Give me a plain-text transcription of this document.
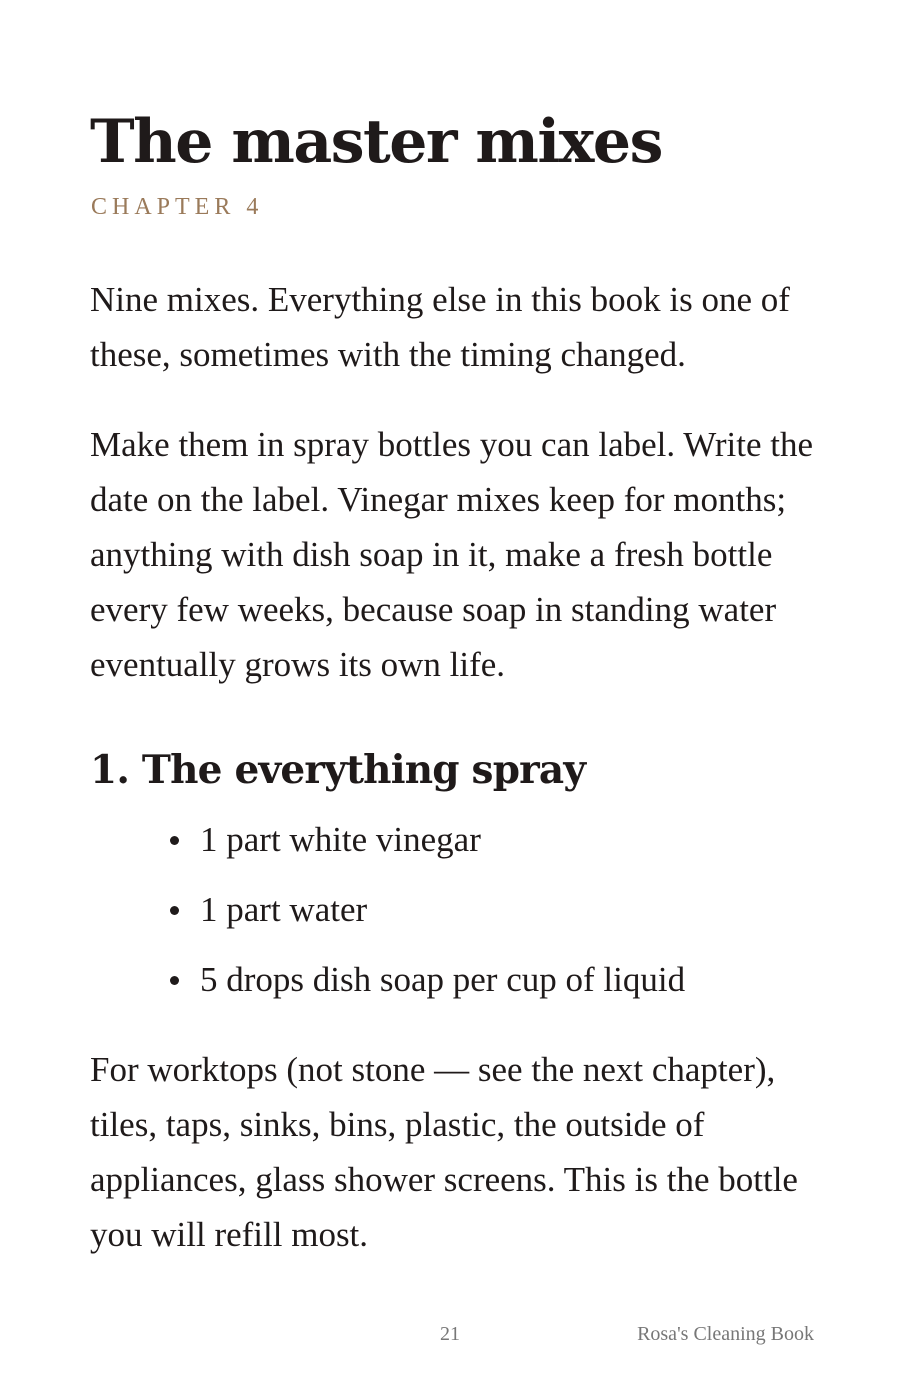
The master mixes
CHAPTER 4

Nine mixes. Everything else in this book is one of these, sometimes with the timing changed.

Make them in spray bottles you can label. Write the date on the label. Vinegar mixes keep for months; anything with dish soap in it, make a fresh bottle every few weeks, because soap in standing water eventually grows its own life.

1. The everything spray
1 part white vinegar
1 part water
5 drops dish soap per cup of liquid

For worktops (not stone — see the next chapter), tiles, taps, sinks, bins, plastic, the outside of appliances, glass shower screens. This is the bottle you will refill most.

21	Rosa's Cleaning Book
